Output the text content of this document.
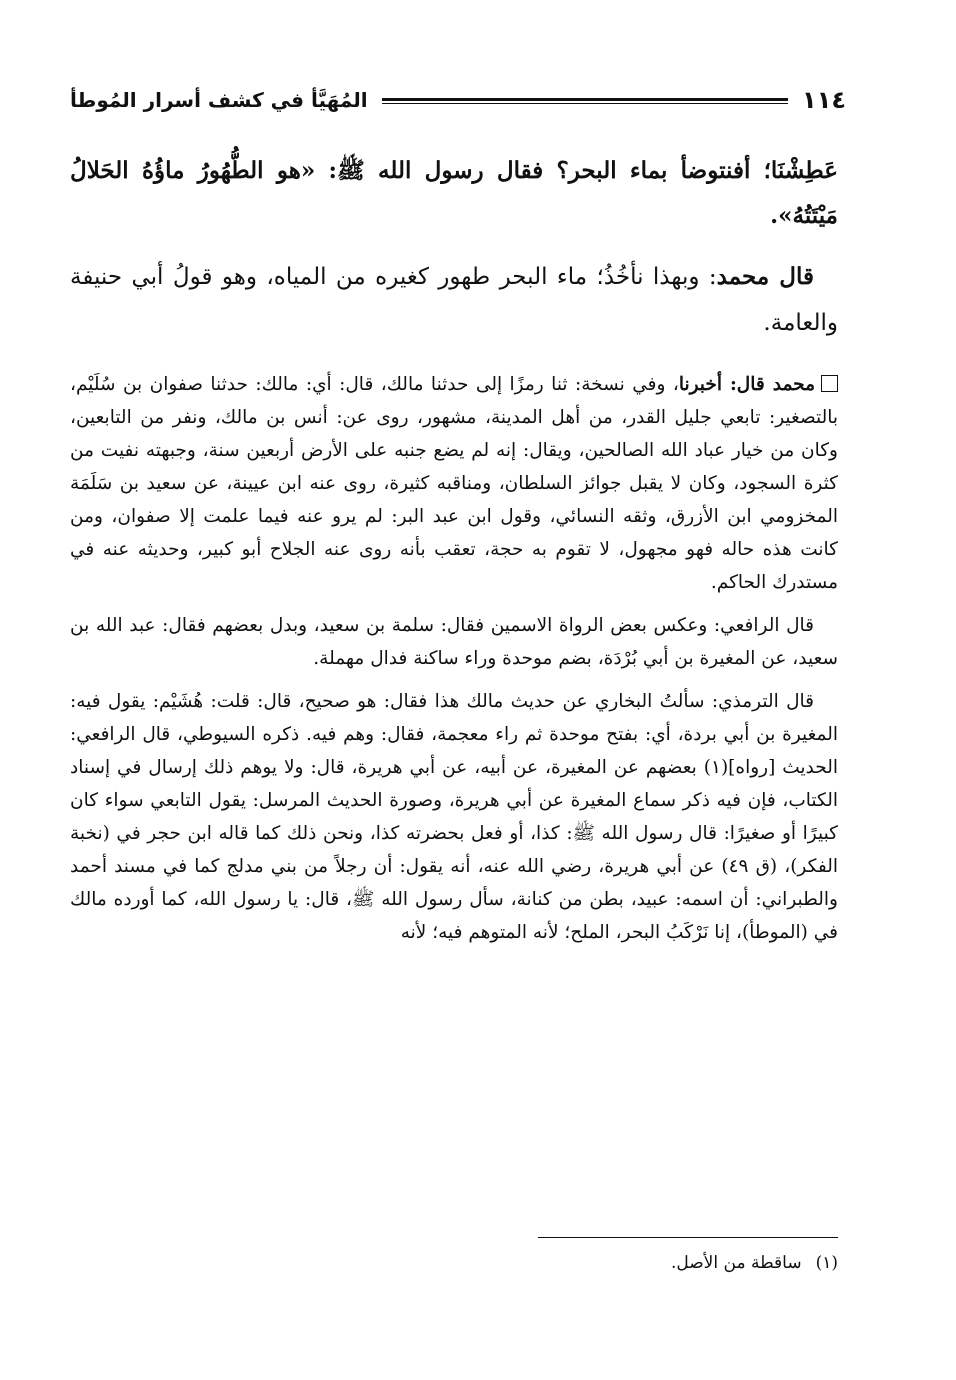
١١٤
المُهَيَّأ في كشف أسرار المُوطأ

عَطِشْنَا؛ أفنتوضأ بماء البحر؟ فقال رسول الله ﷺ: «هو الطُّهُورُ ماؤُهُ الحَلالُ مَيْتَتُهُ».

قال محمد: وبهذا نأخُذُ؛ ماء البحر طهور كغيره من المياه، وهو قولُ أبي حنيفة والعامة.

محمد قال: أخبرنا، وفي نسخة: ثنا رمزًا إلى حدثنا مالك، قال: أي: مالك: حدثنا صفوان بن سُلَيْم، بالتصغير: تابعي جليل القدر، من أهل المدينة، مشهور، روى عن: أنس بن مالك، ونفر من التابعين، وكان من خيار عباد الله الصالحين، ويقال: إنه لم يضع جنبه على الأرض أربعين سنة، وجبهته نفيت من كثرة السجود، وكان لا يقبل جوائز السلطان، ومناقبه كثيرة، روى عنه ابن عيينة، عن سعيد بن سَلَمَة المخزومي ابن الأزرق، وثقه النسائي، وقول ابن عبد البر: لم يرو عنه فيما علمت إلا صفوان، ومن كانت هذه حاله فهو مجهول، لا تقوم به حجة، تعقب بأنه روى عنه الجلاح أبو كبير، وحديثه عنه في مستدرك الحاكم.

قال الرافعي: وعكس بعض الرواة الاسمين فقال: سلمة بن سعيد، وبدل بعضهم فقال: عبد الله بن سعيد، عن المغيرة بن أبي بُرْدَة، بضم موحدة وراء ساكنة فدال مهملة.

قال الترمذي: سألتُ البخاري عن حديث مالك هذا فقال: هو صحيح، قال: قلت: هُشَيْم: يقول فيه: المغيرة بن أبي بردة، أي: بفتح موحدة ثم راء معجمة، فقال: وهم فيه. ذكره السيوطي، قال الرافعي: الحديث [رواه](١) بعضهم عن المغيرة، عن أبيه، عن أبي هريرة، قال: ولا يوهم ذلك إرسال في إسناد الكتاب، فإن فيه ذكر سماع المغيرة عن أبي هريرة، وصورة الحديث المرسل: يقول التابعي سواء كان كبيرًا أو صغيرًا: قال رسول الله ﷺ: كذا، أو فعل بحضرته كذا، ونحن ذلك كما قاله ابن حجر في (نخبة الفكر)، (ق ٤٩) عن أبي هريرة، رضي الله عنه، أنه يقول: أن رجلاً من بني مدلج كما في مسند أحمد والطبراني: أن اسمه: عبيد، بطن من كنانة، سأل رسول الله ﷺ، قال: يا رسول الله، كما أورده مالك في (الموطأ)، إنا نَرْكَبُ البحر، الملح؛ لأنه المتوهم فيه؛ لأنه

(١)ساقطة من الأصل.
